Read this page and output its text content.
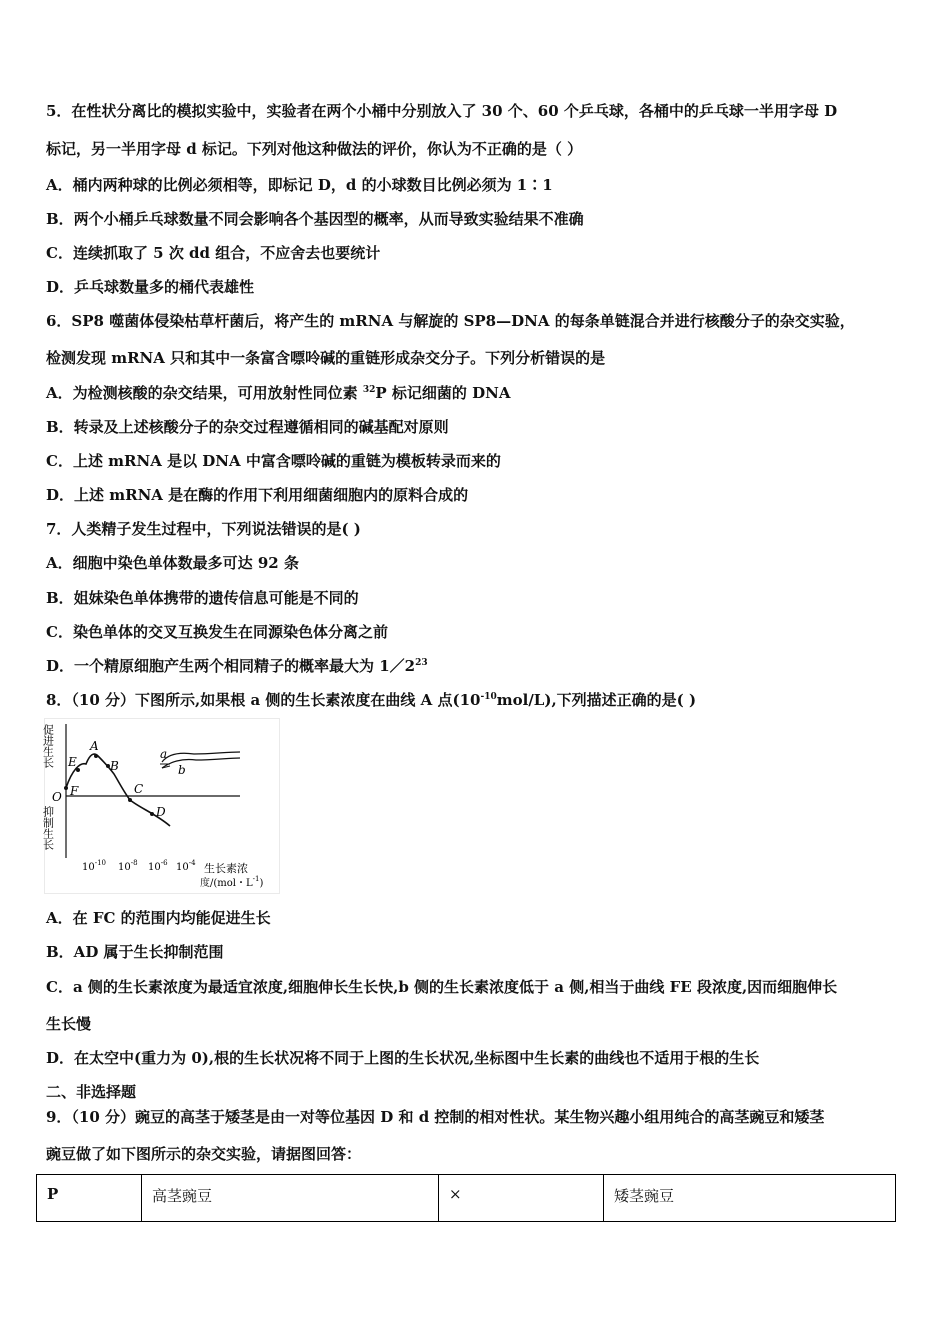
5．在性状分离比的模拟实验中，实验者在两个小桶中分别放入了 30 个、60 个乒乓球，各桶中的乒乓球一半用字母 D
标记，另一半用字母 d 标记。下列对他这种做法的评价，你认为不正确的是（ ）
A．桶内两种球的比例必须相等，即标记 D，d 的小球数目比例必须为 1∶1
B．两个小桶乒乓球数量不同会影响各个基因型的概率，从而导致实验结果不准确
C．连续抓取了 5 次 dd 组合，不应舍去也要统计
D．乒乓球数量多的桶代表雄性
6．SP8 噬菌体侵染枯草杆菌后，将产生的 mRNA 与解旋的 SP8—DNA 的每条单链混合并进行核酸分子的杂交实验，
检测发现 mRNA 只和其中一条富含嘌呤碱的重链形成杂交分子。下列分析错误的是
A．为检测核酸的杂交结果，可用放射性同位素 $^{32}$P 标记细菌的 DNA
B．转录及上述核酸分子的杂交过程遵循相同的碱基配对原则
C．上述 mRNA 是以 DNA 中富含嘌呤碱的重链为模板转录而来的
D．上述 mRNA 是在酶的作用下利用细菌细胞内的原料合成的
7．人类精子发生过程中，下列说法错误的是( )
A．细胞中染色单体数最多可达 92 条
B．姐妹染色单体携带的遗传信息可能是不同的
C．染色单体的交叉互换发生在同源染色体分离之前
D．一个精原细胞产生两个相同精子的概率最大为 $1/2^{23}$
8．（10 分）下图所示,如果根 a 侧的生长素浓度在曲线 A 点$(10^{-10}mol/L)$,下列描述正确的是( )
A
B
C
D
E
F
O
促进生长
抑制生长
$10^{-10}$ $10^{-8}$ $10^{-6}$ $10^{-4}$ 生长素浓
度/(mol・$L^{-1}$)
a
b
A．在 FC 的范围内均能促进生长
B．AD 属于生长抑制范围
C．a 侧的生长素浓度为最适宜浓度,细胞伸长生长快,b 侧的生长素浓度低于 a 侧,相当于曲线 FE 段浓度,因而细胞伸长
生长慢
D．在太空中(重力为 0),根的生长状况将不同于上图的生长状况,坐标图中生长素的曲线也不适用于根的生长
二、非选择题
9．（10 分）豌豆的高茎于矮茎是由一对等位基因 D 和 d 控制的相对性状。某生物兴趣小组用纯合的高茎豌豆和矮茎
豌豆做了如下图所示的杂交实验，请据图回答：
P	高茎豌豆	×	矮茎豌豆
